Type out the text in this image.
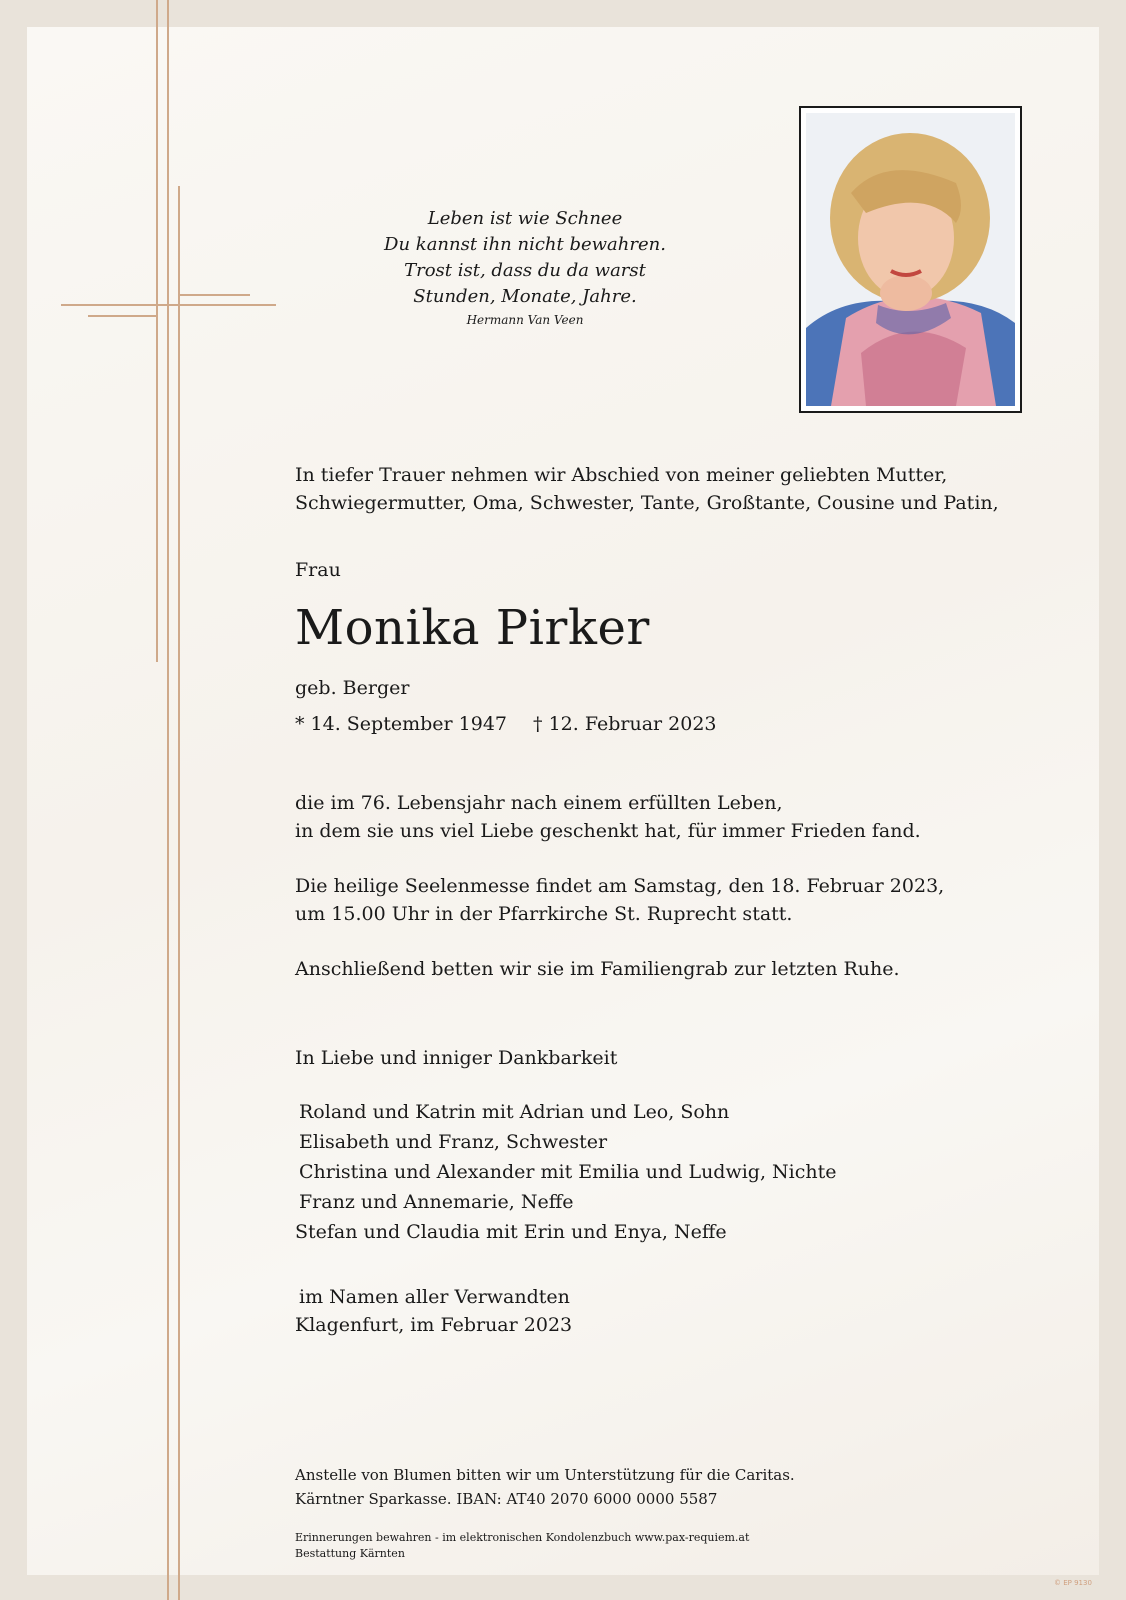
Leben ist wie Schnee
Du kannst ihn nicht bewahren.
Trost ist, dass du da warst
Stunden, Monate, Jahre.
Hermann Van Veen
In tiefer Trauer nehmen wir Abschied von meiner geliebten Mutter,
Schwiegermutter, Oma, Schwester, Tante, Großtante, Cousine und Patin,
Frau
Monika Pirker
geb. Berger
* 14. September 1947 † 12. Februar 2023
die im 76. Lebensjahr nach einem erfüllten Leben,
in dem sie uns viel Liebe geschenkt hat, für immer Frieden fand.
Die heilige Seelenmesse findet am Samstag, den 18. Februar 2023,
um 15.00 Uhr in der Pfarrkirche St. Ruprecht statt.
Anschließend betten wir sie im Familiengrab zur letzten Ruhe.
In Liebe und inniger Dankbarkeit
Roland und Katrin mit Adrian und Leo, Sohn
Elisabeth und Franz, Schwester
Christina und Alexander mit Emilia und Ludwig, Nichte
Franz und Annemarie, Neffe
Stefan und Claudia mit Erin und Enya, Neffe
im Namen aller Verwandten
Klagenfurt, im Februar 2023
Anstelle von Blumen bitten wir um Unterstützung für die Caritas.
Kärntner Sparkasse. IBAN: AT40 2070 6000 0000 5587
Erinnerungen bewahren - im elektronischen Kondolenzbuch www.pax-requiem.at
Bestattung Kärnten
© EP 9130
